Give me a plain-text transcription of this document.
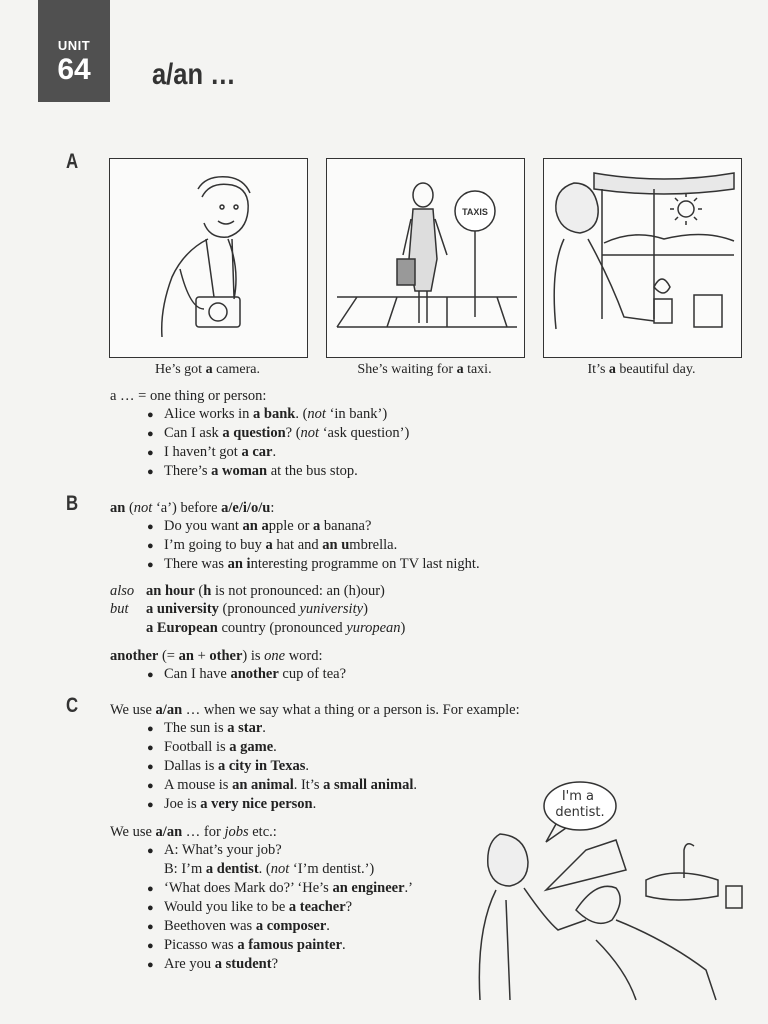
UNIT
64	a/an …
A
TAXIS
He’s got a camera.	She’s waiting for a taxi.	It’s a beautiful day.
a … = one thing or person:
● Alice works in a bank. (not ‘in bank’)
● Can I ask a question? (not ‘ask question’)
● I haven’t got a car.
● There’s a woman at the bus stop.
B an (not ‘a’) before a/e/i/o/u:
● Do you want an apple or a banana?
● I’m going to buy a hat and an umbrella.
● There was an interesting programme on TV last night.
also an hour (h is not pronounced: an (h)our)
but a university (pronounced yuniversity)
a European country (pronounced yuropean)
another (= an + other) is one word:
● Can I have another cup of tea?
C We use a/an … when we say what a thing or a person is. For example:
● The sun is a star.
● Football is a game.
● Dallas is a city in Texas.
● A mouse is an animal. It’s a small animal.
● Joe is a very nice person.
We use a/an … for jobs etc.:
● A: What’s your job?
B: I’m a dentist. (not ‘I’m dentist.’)
● ‘What does Mark do?’ ‘He’s an engineer.’
● Would you like to be a teacher?
● Beethoven was a composer.
● Picasso was a famous painter.
● Are you a student?
I'm a dentist.
